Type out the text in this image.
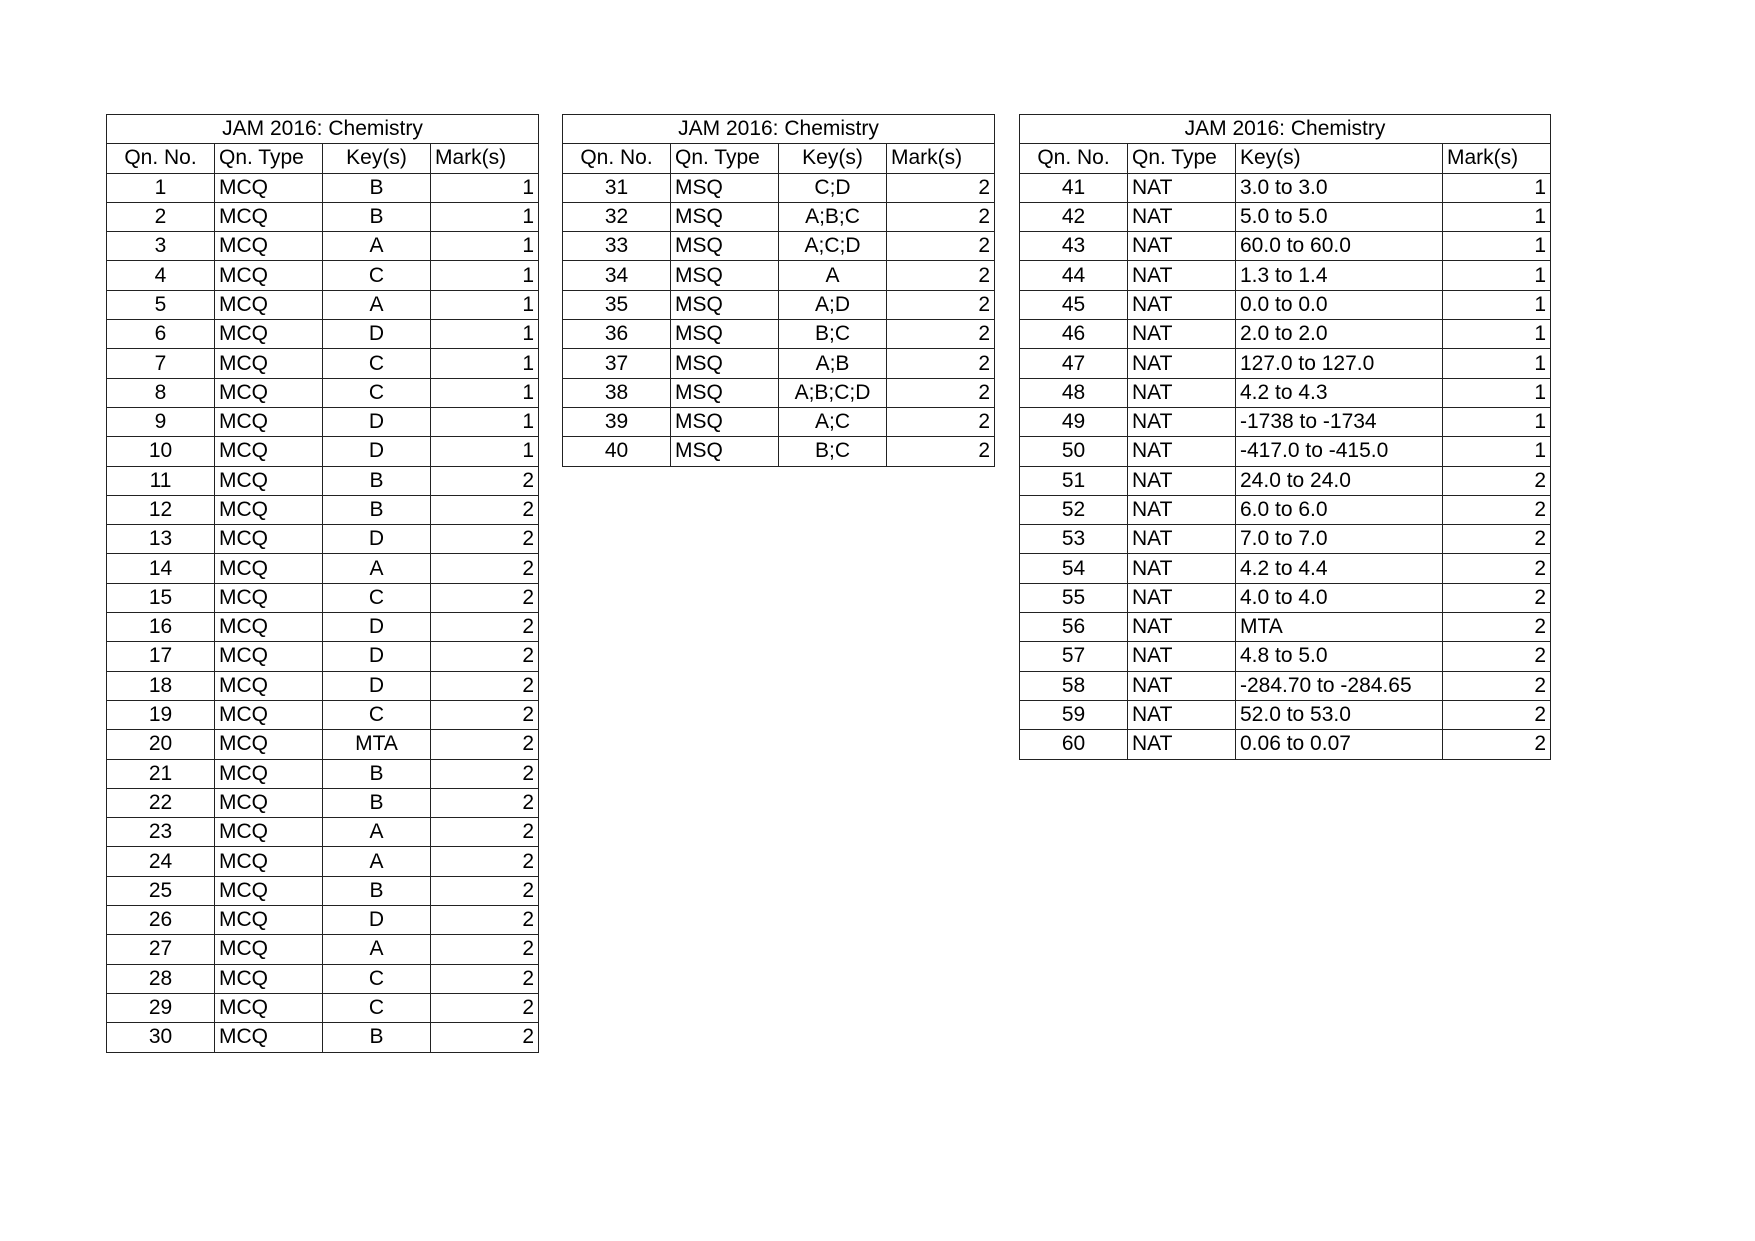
JAM 2016: Chemistry			
Qn. No.	Qn. Type	Key(s)	Mark(s)
1	MCQ	B	1
2	MCQ	B	1
3	MCQ	A	1
4	MCQ	C	1
5	MCQ	A	1
6	MCQ	D	1
7	MCQ	C	1
8	MCQ	C	1
9	MCQ	D	1
10	MCQ	D	1
11	MCQ	B	2
12	MCQ	B	2
13	MCQ	D	2
14	MCQ	A	2
15	MCQ	C	2
16	MCQ	D	2
17	MCQ	D	2
18	MCQ	D	2
19	MCQ	C	2
20	MCQ	MTA	2
21	MCQ	B	2
22	MCQ	B	2
23	MCQ	A	2
24	MCQ	A	2
25	MCQ	B	2
26	MCQ	D	2
27	MCQ	A	2
28	MCQ	C	2
29	MCQ	C	2
30	MCQ	B	2
JAM 2016: Chemistry			
Qn. No.	Qn. Type	Key(s)	Mark(s)
31	MSQ	C;D	2
32	MSQ	A;B;C	2
33	MSQ	A;C;D	2
34	MSQ	A	2
35	MSQ	A;D	2
36	MSQ	B;C	2
37	MSQ	A;B	2
38	MSQ	A;B;C;D	2
39	MSQ	A;C	2
40	MSQ	B;C	2
JAM 2016: Chemistry			
Qn. No.	Qn. Type	Key(s)	Mark(s)
41	NAT	3.0 to 3.0	1
42	NAT	5.0 to 5.0	1
43	NAT	60.0 to 60.0	1
44	NAT	1.3 to 1.4	1
45	NAT	0.0 to 0.0	1
46	NAT	2.0 to 2.0	1
47	NAT	127.0 to 127.0	1
48	NAT	4.2 to 4.3	1
49	NAT	-1738 to -1734	1
50	NAT	-417.0 to -415.0	1
51	NAT	24.0 to 24.0	2
52	NAT	6.0 to 6.0	2
53	NAT	7.0 to 7.0	2
54	NAT	4.2 to 4.4	2
55	NAT	4.0 to 4.0	2
56	NAT	MTA	2
57	NAT	4.8 to 5.0	2
58	NAT	-284.70 to -284.65	2
59	NAT	52.0 to 53.0	2
60	NAT	0.06 to 0.07	2
